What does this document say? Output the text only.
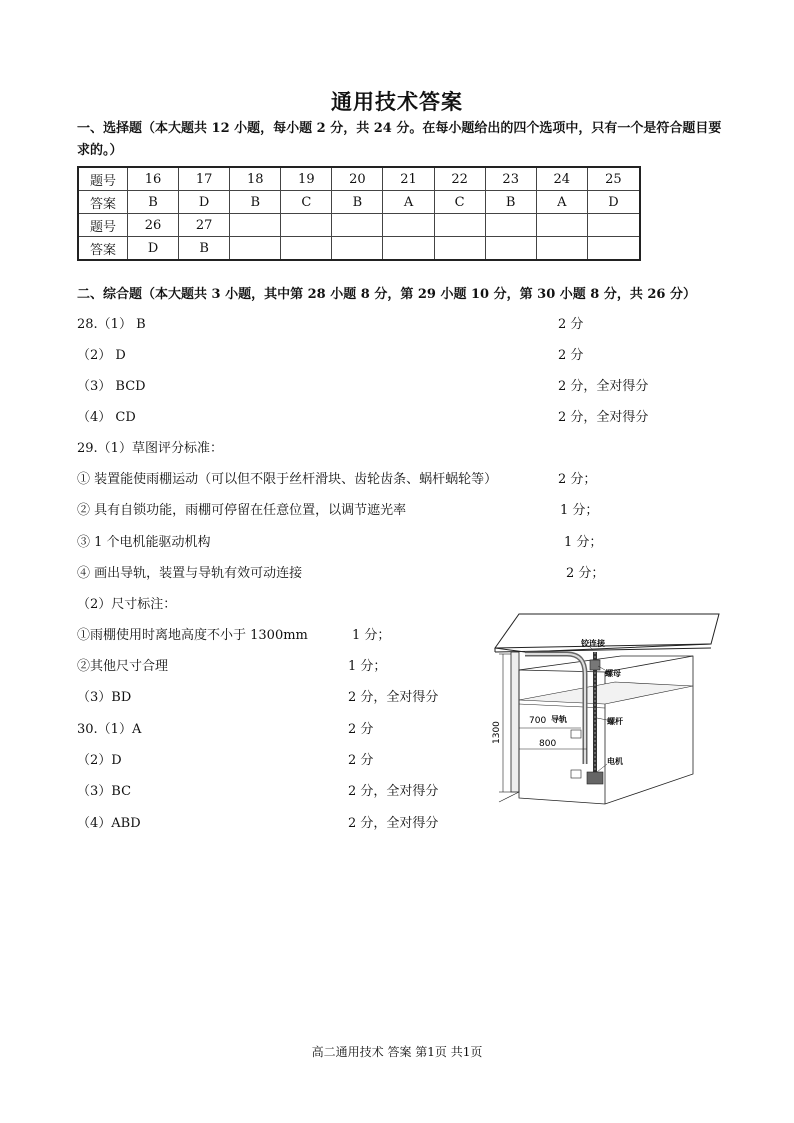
通用技术答案
一、选择题（本大题共 12 小题，每小题 2 分，共 24 分。在每小题给出的四个选项中，只有一个是符合题目要求的。）
题号	16	17	18	19	20	21	22	23	24	25
答案	B	D	B	C	B	A	C	B	A	D
题号	26	27								
答案	D	B								
二、综合题（本大题共 3 小题，其中第 28 小题 8 分，第 29 小题 10 分，第 30 小题 8 分，共 26 分）
28.（1） B	2 分
（2） D	2 分
（3） BCD	2 分，全对得分
（4） CD	2 分，全对得分
29.（1）草图评分标准：
① 装置能使雨棚运动（可以但不限于丝杆滑块、齿轮齿条、蜗杆蜗轮等）	2 分；
② 具有自锁功能，雨棚可停留在任意位置，以调节遮光率	1 分；
③ 1 个电机能驱动机构	1 分；
④ 画出导轨，装置与导轨有效可动连接	2 分；
（2）尺寸标注：
①雨棚使用时离地高度不小于 1300mm	1 分；
②其他尺寸合理	1 分；
（3）BD	2 分，全对得分
30.（1）A	2 分
（2）D	2 分
（3）BC	2 分，全对得分
（4）ABD	2 分，全对得分
铰连接
螺母
导轨	螺杆
电机
700
800
1300
高二通用技术 答案 第1页 共1页
